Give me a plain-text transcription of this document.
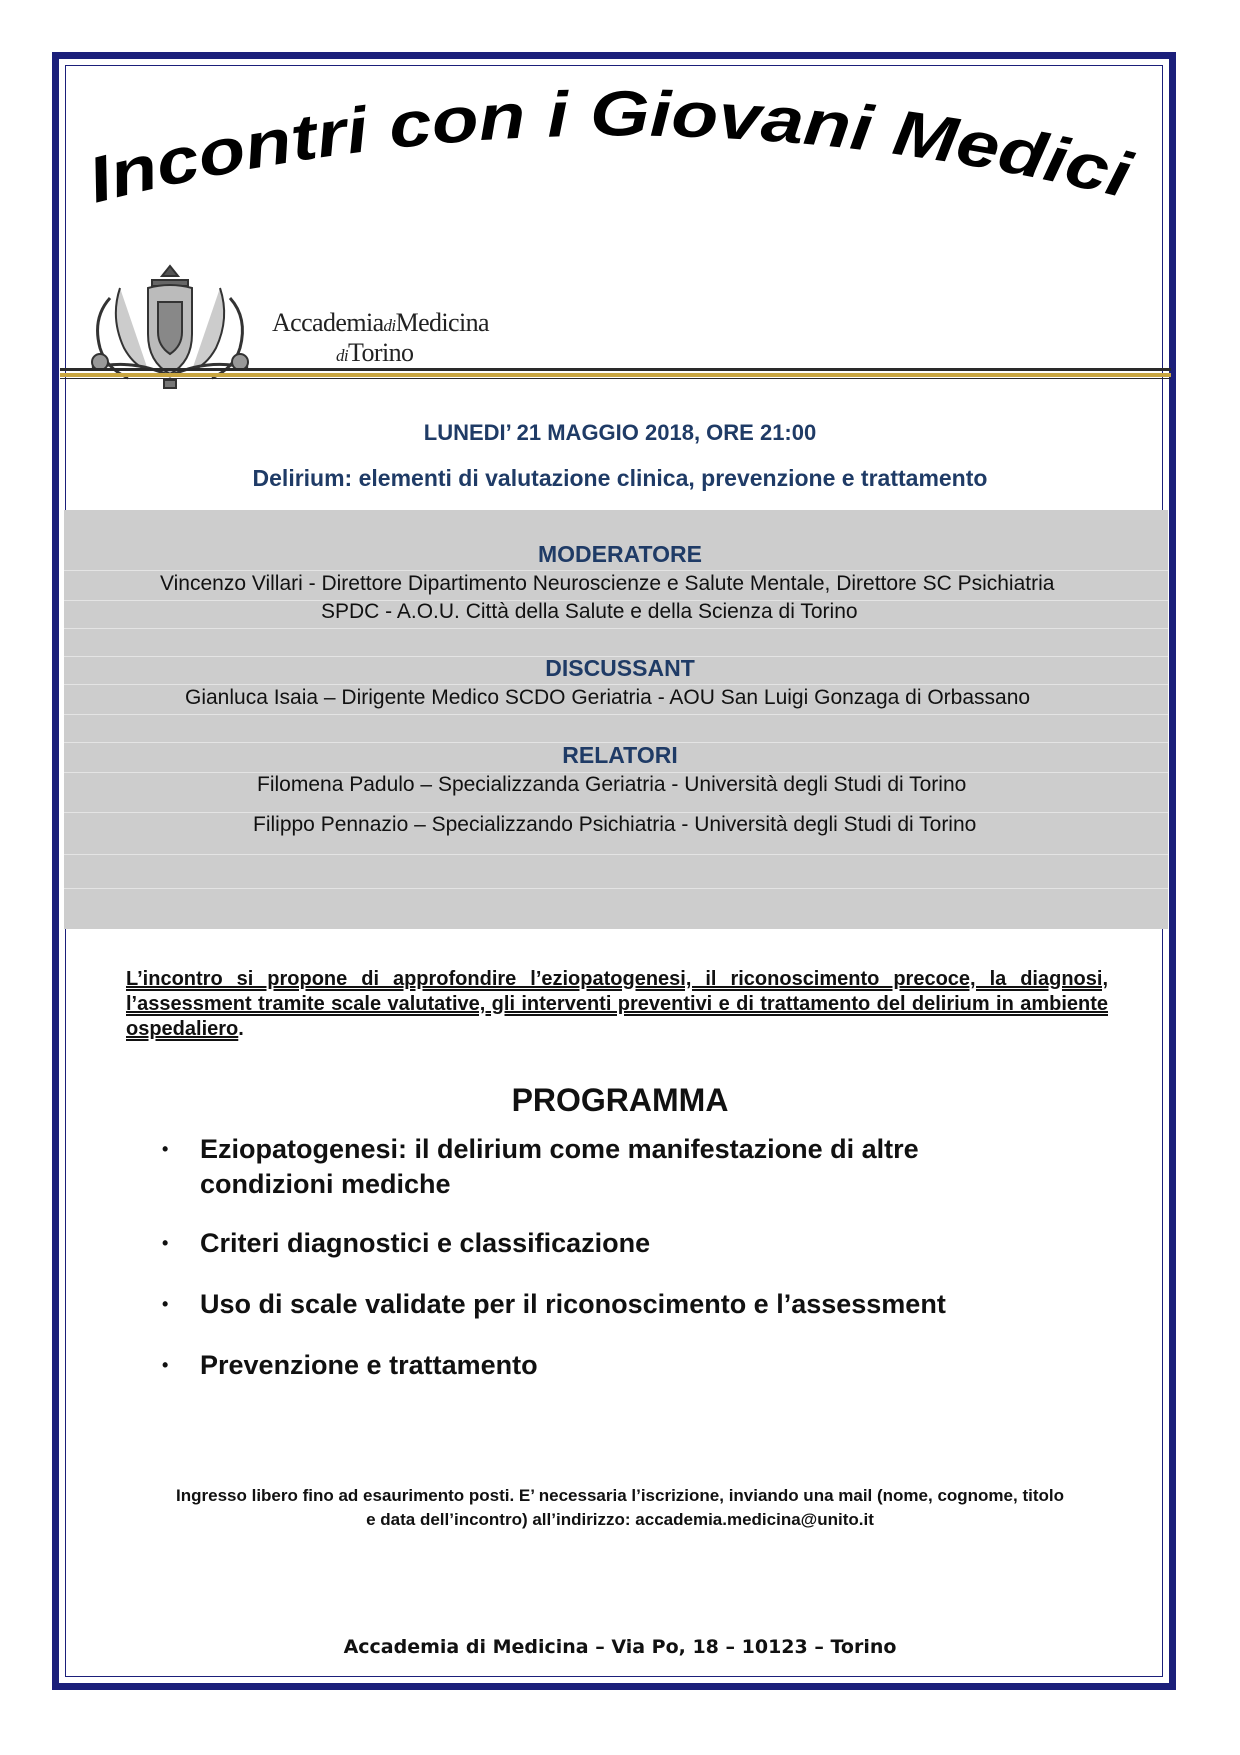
Incontri con i Giovani Medici
AccademiadiMedicina
diTorino
LUNEDI’ 21 MAGGIO 2018, ORE 21:00
Delirium: elementi di valutazione clinica, prevenzione e trattamento
MODERATORE
Vincenzo Villari - Direttore Dipartimento Neuroscienze e Salute Mentale, Direttore SC Psichiatria
SPDC - A.O.U. Città della Salute e della Scienza di Torino
DISCUSSANT
Gianluca Isaia – Dirigente Medico SCDO Geriatria - AOU San Luigi Gonzaga di Orbassano
RELATORI
Filomena Padulo – Specializzanda Geriatria - Università degli Studi di Torino
Filippo Pennazio – Specializzando Psichiatria - Università degli Studi di Torino
L’incontro si propone di approfondire l’eziopatogenesi, il riconoscimento precoce, la diagnosi, l’assessment tramite scale valutative, gli interventi preventivi e di trattamento del delirium in ambiente ospedaliero.
PROGRAMMA
• Eziopatogenesi: il delirium come manifestazione di altre condizioni mediche
• Criteri diagnostici e classificazione
• Uso di scale validate per il riconoscimento e l’assessment
• Prevenzione e trattamento
Ingresso libero fino ad esaurimento posti. E’ necessaria l’iscrizione, inviando una mail (nome, cognome, titolo
e data dell’incontro) all’indirizzo: accademia.medicina@unito.it
Accademia di Medicina – Via Po, 18 – 10123 – Torino
